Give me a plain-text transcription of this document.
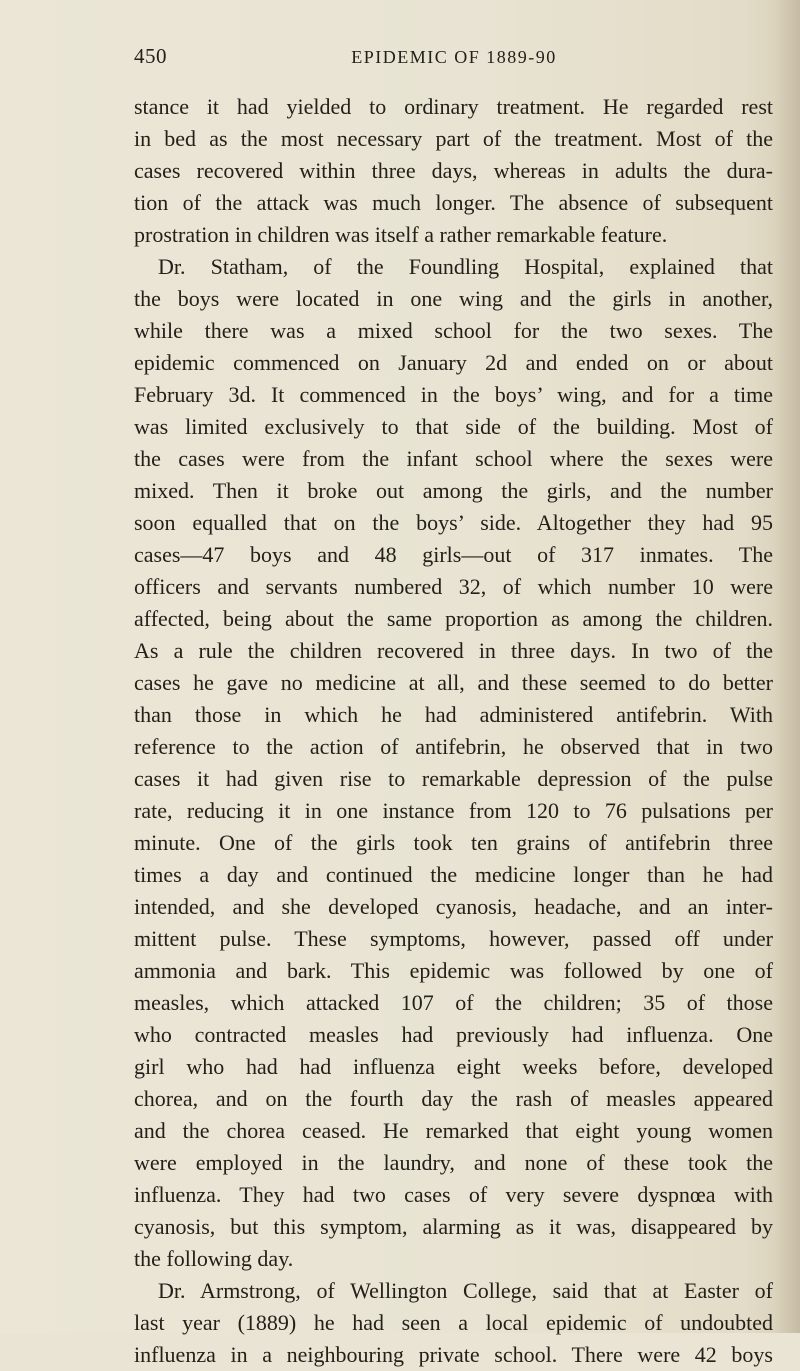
450	EPIDEMIC OF 1889-90
stance it had yielded to ordinary treatment. He regarded rest
in bed as the most necessary part of the treatment. Most of the
cases recovered within three days, whereas in adults the dura-
tion of the attack was much longer. The absence of subsequent
prostration in children was itself a rather remarkable feature.
Dr. Statham, of the Foundling Hospital, explained that
the boys were located in one wing and the girls in another,
while there was a mixed school for the two sexes. The
epidemic commenced on January 2d and ended on or about
February 3d. It commenced in the boys’ wing, and for a time
was limited exclusively to that side of the building. Most of
the cases were from the infant school where the sexes were
mixed. Then it broke out among the girls, and the number
soon equalled that on the boys’ side. Altogether they had 95
cases—47 boys and 48 girls—out of 317 inmates. The
officers and servants numbered 32, of which number 10 were
affected, being about the same proportion as among the children.
As a rule the children recovered in three days. In two of the
cases he gave no medicine at all, and these seemed to do better
than those in which he had administered antifebrin. With
reference to the action of antifebrin, he observed that in two
cases it had given rise to remarkable depression of the pulse
rate, reducing it in one instance from 120 to 76 pulsations per
minute. One of the girls took ten grains of antifebrin three
times a day and continued the medicine longer than he had
intended, and she developed cyanosis, headache, and an inter-
mittent pulse. These symptoms, however, passed off under
ammonia and bark. This epidemic was followed by one of
measles, which attacked 107 of the children; 35 of those
who contracted measles had previously had influenza. One
girl who had had influenza eight weeks before, developed
chorea, and on the fourth day the rash of measles appeared
and the chorea ceased. He remarked that eight young women
were employed in the laundry, and none of these took the
influenza. They had two cases of very severe dyspnœa with
cyanosis, but this symptom, alarming as it was, disappeared by
the following day.
Dr. Armstrong, of Wellington College, said that at Easter of
last year (1889) he had seen a local epidemic of undoubted
influenza in a neighbouring private school. There were 42 boys
